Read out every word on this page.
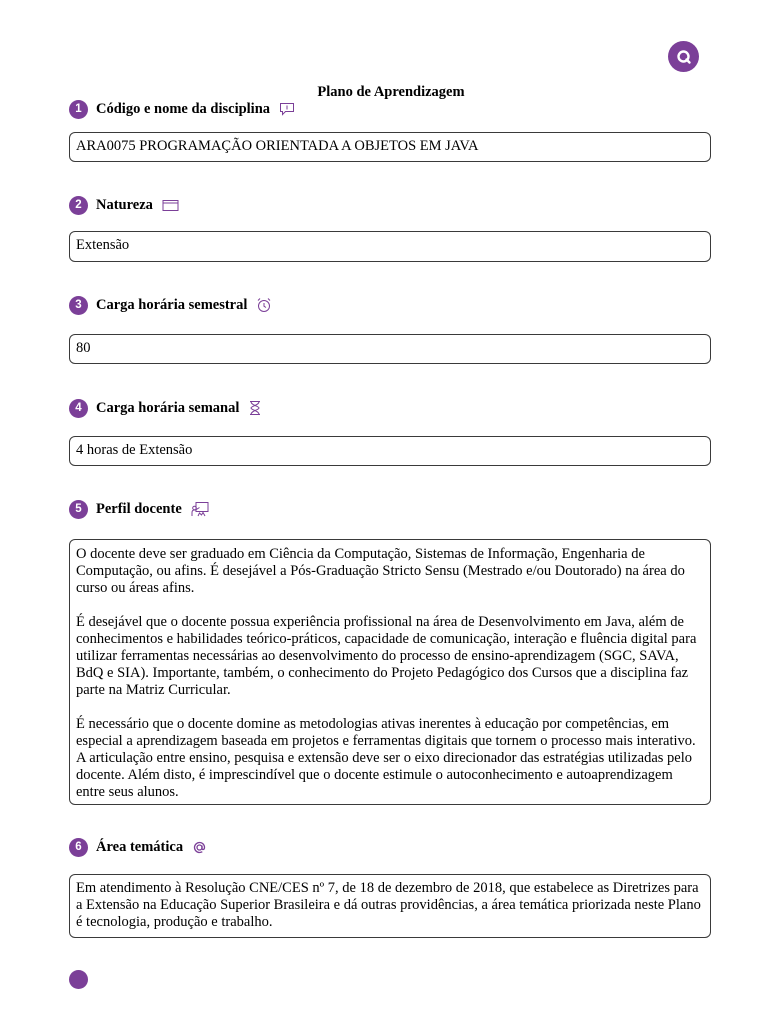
Plano de Aprendizagem
1 Código e nome da disciplina

ARA0075 PROGRAMAÇÃO ORIENTADA A OBJETOS EM JAVA

2 Natureza

Extensão

3 Carga horária semestral

80

4 Carga horária semanal

4 horas de Extensão

5 Perfil docente

O docente deve ser graduado em Ciência da Computação, Sistemas de Informação, Engenharia de Computação, ou afins. É desejável a Pós-Graduação Stricto Sensu (Mestrado e/ou Doutorado) na área do curso ou áreas afins.

É desejável que o docente possua experiência profissional na área de Desenvolvimento em Java, além de conhecimentos e habilidades teórico-práticos, capacidade de comunicação, interação e fluência digital para utilizar ferramentas necessárias ao desenvolvimento do processo de ensino-aprendizagem (SGC, SAVA, BdQ e SIA). Importante, também, o conhecimento do Projeto Pedagógico dos Cursos que a disciplina faz parte na Matriz Curricular.

É necessário que o docente domine as metodologias ativas inerentes à educação por competências, em especial a aprendizagem baseada em projetos e ferramentas digitais que tornem o processo mais interativo. A articulação entre ensino, pesquisa e extensão deve ser o eixo direcionador das estratégias utilizadas pelo docente. Além disto, é imprescindível que o docente estimule o autoconhecimento e autoaprendizagem entre seus alunos.

6 Área temática

Em atendimento à Resolução CNE/CES nº 7, de 18 de dezembro de 2018, que estabelece as Diretrizes para a Extensão na Educação Superior Brasileira e dá outras providências, a área temática priorizada neste Plano é tecnologia, produção e trabalho.
